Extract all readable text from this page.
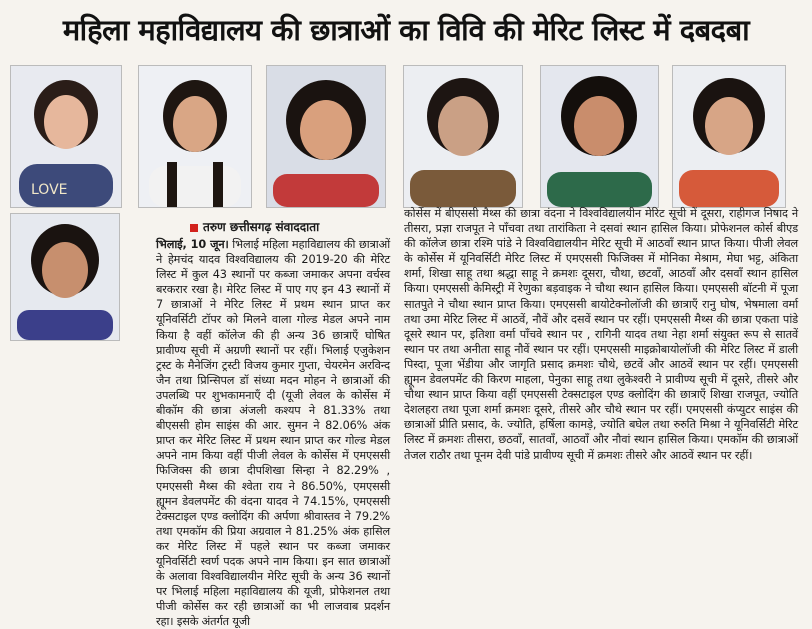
महिला महाविद्यालय की छात्राओं का विवि की मेरिट लिस्ट में दबदबा
LOVE
तरुण छत्तीसगढ़ संवाददाता

भिलाई, 10 जून। भिलाई महिला महाविद्यालय की छात्राओं ने हेमचंद यादव विश्वविद्यालय की 2019-20 की मेरिट लिस्ट में कुल 43 स्थानों पर कब्जा जमाकर अपना वर्चस्व बरकरार रखा है। मेरिट लिस्ट में पाए गए इन 43 स्थानों में 7 छात्राओं ने मेरिट लिस्ट में प्रथम स्थान प्राप्त कर यूनिवर्सिटी टॉपर को मिलने वाला गोल्ड मेडल अपने नाम किया है वहीं कॉलेज की ही अन्य 36 छात्राएँ घोषित प्रावीण्य सूची में अग्रणी स्थानों पर रहीं। भिलाई एजुकेशन ट्रस्ट के मैनेजिंग ट्रस्टी विजय कुमार गुप्ता, चेयरमेन अरविन्द जैन तथा प्रिन्सिपल डॉ संध्या मदन मोहन ने छात्राओं की उपलब्धि पर शुभकामनाएँ दी (यूजी लेवल के कोर्सेस में बीकॉम की छात्रा अंजली कश्यप ने 81.33% तथा बीएससी होम साइंस की आर. सुमन ने 82.06% अंक प्राप्त कर मेरिट लिस्ट में प्रथम स्थान प्राप्त कर गोल्ड मेडल अपने नाम किया वहीं पीजी लेवल के कोर्सेस में एमएससी फिजिक्स की छात्रा दीपशिखा सिन्हा ने 82.29% , एमएससी मैथ्स की श्वेता राय ने 86.50%, एमएससी ह्यूमन डेवलपमेंट की वंदना यादव ने 74.15%, एमएससी टेक्सटाइल एण्ड क्लोदिंग की अर्पणा श्रीवास्तव ने 79.2% तथा एमकॉम की प्रिया अग्रवाल ने 81.25% अंक हासिल कर मेरिट लिस्ट में पहले स्थान पर कब्जा जमाकर यूनिवर्सिटी स्वर्ण पदक अपने नाम किया। इन सात छात्राओं के अलावा विश्वविद्यालयीन मेरिट सूची के अन्य 36 स्थानों पर भिलाई महिला महाविद्यालय की यूजी, प्रोफेशनल तथा पीजी कोर्सेस कर रही छात्राओं का भी लाजवाब प्रदर्शन रहा। इसके अंतर्गत यूजी

कोर्सेस में बीएससी मैथ्स की छात्रा वंदना ने विश्वविद्यालयीन मेरिट सूची में दूसरा, राहीगज निषाद ने तीसरा, प्रज्ञा राजपूत ने पाँचवा तथा तारांकिता ने दसवां स्थान हासिल किया। प्रोफेशनल कोर्स बीएड की कॉलेज छात्रा रश्मि पांडे ने विश्वविद्यालयीन मेरिट सूची में आठवाँ स्थान प्राप्त किया। पीजी लेवल के कोर्सेस में यूनिवर्सिटी मेरिट लिस्ट में एमएससी फिजिक्स में मोनिका मेश्राम, मेघा भट्ट, अंकिता शर्मा, शिखा साहू तथा श्रद्धा साहू ने क्रमशः दूसरा, चौथा, छटवाँ, आठवाँ और दसवाँ स्थान हासिल किया। एमएससी केमिस्ट्री में रेणुका बड़वाइक ने चौथा स्थान हासिल किया। एमएससी बॉटनी में पूजा सातपुते ने चौथा स्थान प्राप्त किया। एमएससी बायोटेक्नोलॉजी की छात्राएँ रानु घोष, भेषमाला वर्मा तथा उमा मेरिट लिस्ट में आठवें, नौवें और दसवें स्थान पर रहीं। एमएससी मैथ्स की छात्रा एकता पांडे दूसरे स्थान पर, इतिशा वर्मा पाँचवे स्थान पर , रागिनी यादव तथा नेहा शर्मा संयुक्त रूप से सातवें स्थान पर तथा अनीता साहू नौवें स्थान पर रहीं। एमएससी माइक्रोबायोलॉजी की मेरिट लिस्ट में डाली पिस्दा, पूजा भेंडीया और जागृति प्रसाद क्रमशः चौथे, छटवें और आठवें स्थान पर रहीं। एमएससी ह्यूमन डेवलपमेंट की किरण माहला, पेनुका साहू तथा लुकेश्वरी ने प्रावीण्य सूची में दूसरे, तीसरे और चौथा स्थान प्राप्त किया वहीं एमएससी टेक्सटाइल एण्ड क्लोदिंग की छात्राएँ शिखा राजपूत, ज्योति देशलहरा तथा पूजा शर्मा क्रमशः दूसरे, तीसरे और चौथे स्थान पर रहीं। एमएससी कंप्युटर साइंस की छात्राओं प्रीति प्रसाद, के. ज्योति, हर्षिला कामड़े, ज्योति बघेल तथा रुरुति मिश्रा ने यूनिवर्सिटी मेरिट लिस्ट में क्रमशः तीसरा, छठवाँ, सातवाँ, आठवाँ और नौवां स्थान हासिल किया। एमकॉम की छात्राओं तेजल राठौर तथा पूनम देवी पांडे प्रावीण्य सूची में क्रमशः तीसरे और आठवें स्थान पर रहीं।
